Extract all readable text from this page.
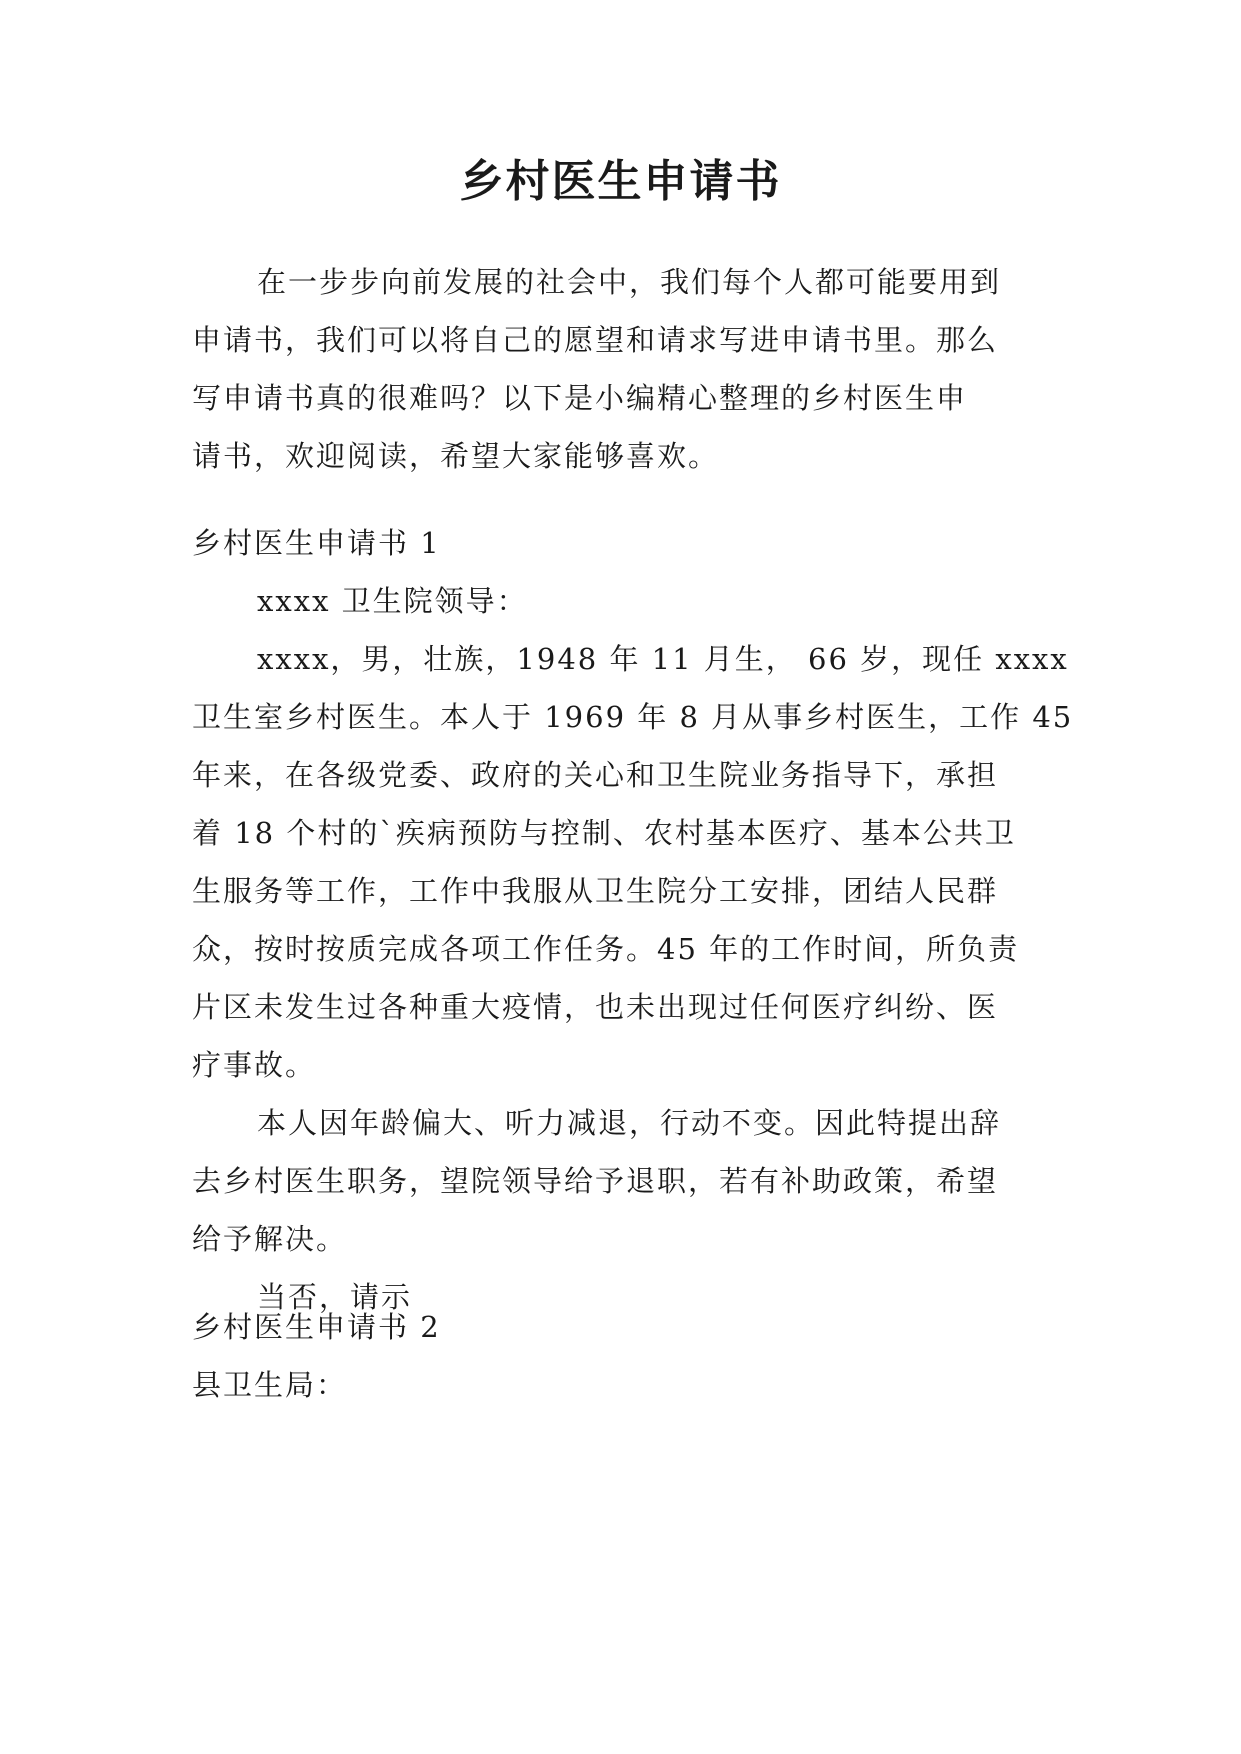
乡村医生申请书
在一步步向前发展的社会中，我们每个人都可能要用到
申请书，我们可以将自己的愿望和请求写进申请书里。那么
写申请书真的很难吗？以下是小编精心整理的乡村医生申
请书，欢迎阅读，希望大家能够喜欢。
乡村医生申请书 1
xxxx 卫生院领导：
xxxx，男，壮族，1948 年 11 月生， 66 岁，现任 xxxx
卫生室乡村医生。本人于 1969 年 8 月从事乡村医生，工作 45
年来，在各级党委、政府的关心和卫生院业务指导下，承担
着 18 个村的`疾病预防与控制、农村基本医疗、基本公共卫
生服务等工作，工作中我服从卫生院分工安排，团结人民群
众，按时按质完成各项工作任务。45 年的工作时间，所负责
片区未发生过各种重大疫情，也未出现过任何医疗纠纷、医
疗事故。
本人因年龄偏大、听力减退，行动不变。因此特提出辞
去乡村医生职务，望院领导给予退职，若有补助政策，希望
给予解决。
当否，请示
乡村医生申请书 2
县卫生局：
